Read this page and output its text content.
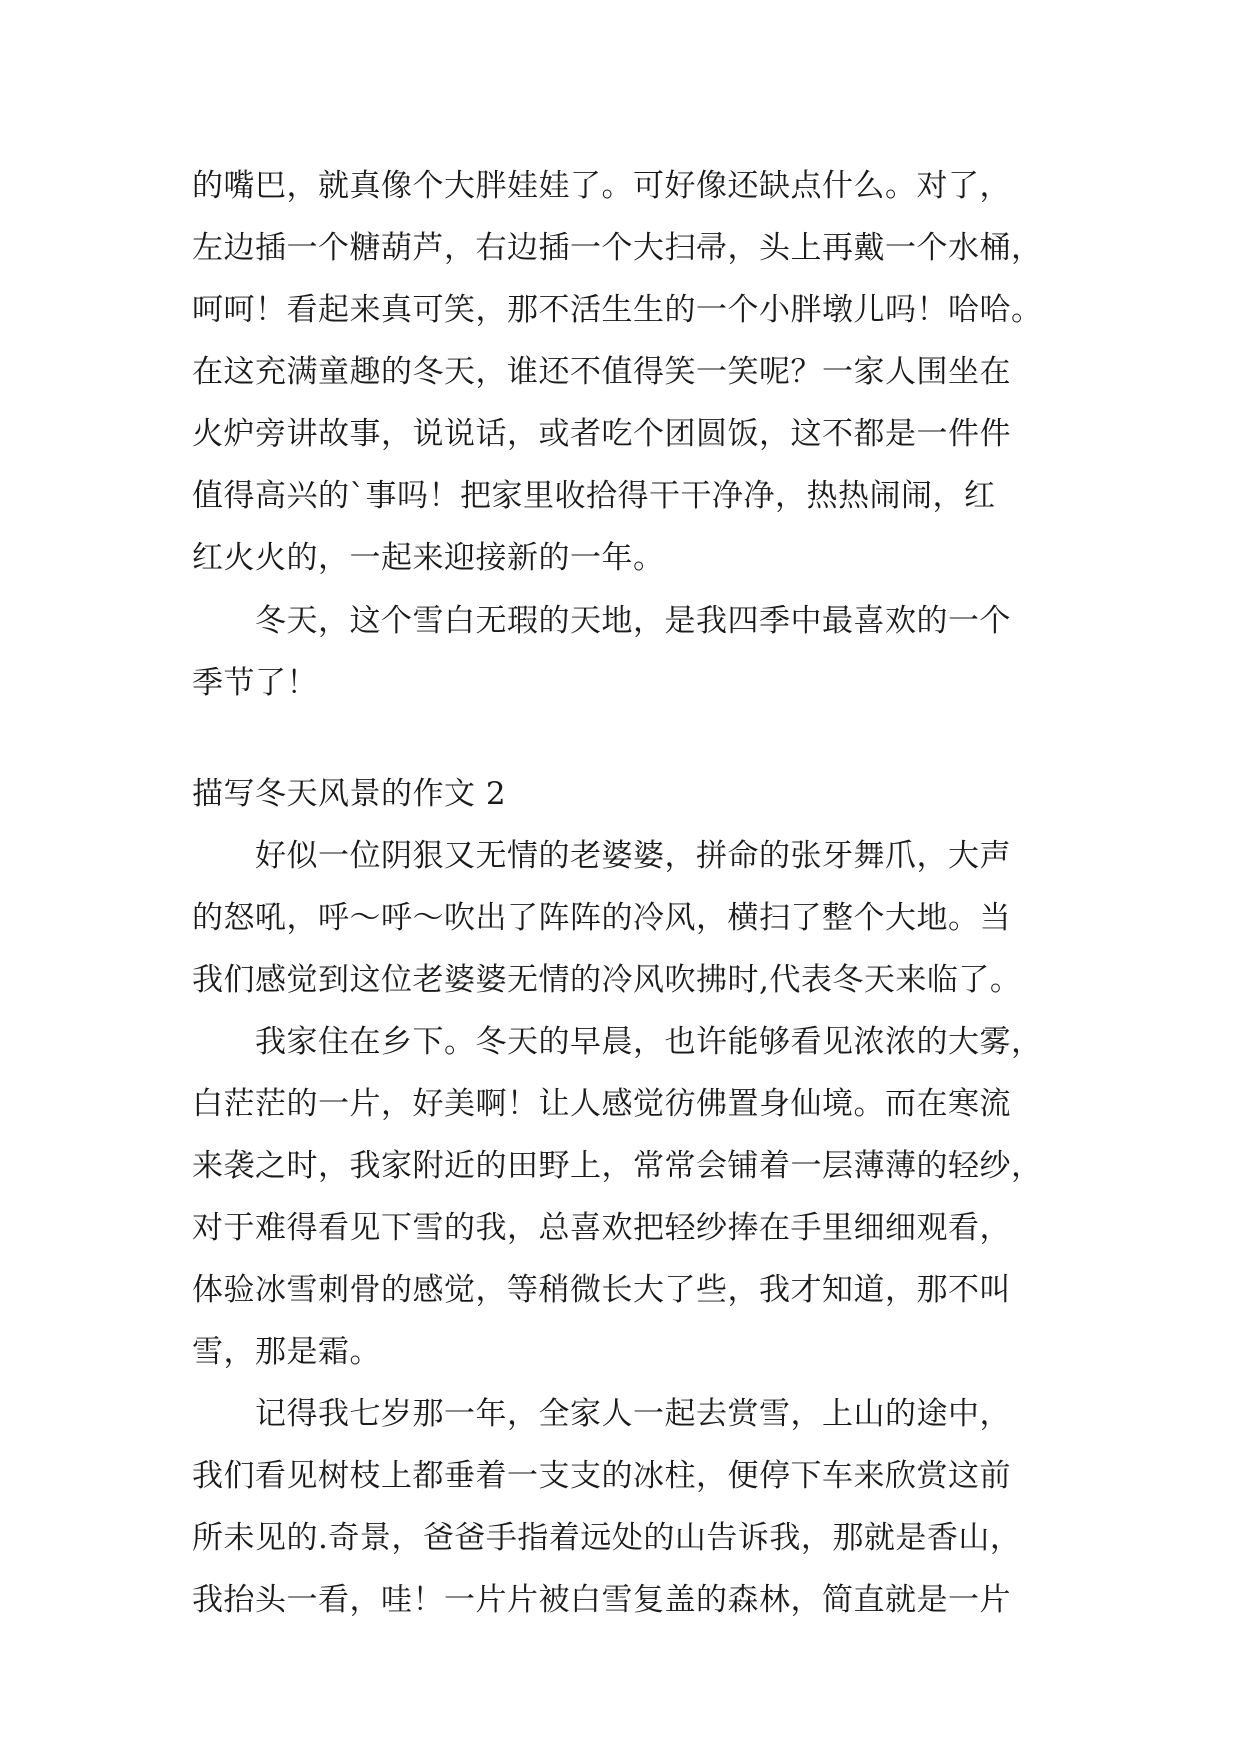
的嘴巴，就真像个大胖娃娃了。可好像还缺点什么。对了，
左边插一个糖葫芦，右边插一个大扫帚，头上再戴一个水桶，
呵呵！看起来真可笑，那不活生生的一个小胖墩儿吗！哈哈。
在这充满童趣的冬天，谁还不值得笑一笑呢？一家人围坐在
火炉旁讲故事，说说话，或者吃个团圆饭，这不都是一件件
值得高兴的`事吗！把家里收拾得干干净净，热热闹闹，红
红火火的，一起来迎接新的一年。
冬天，这个雪白无瑕的天地，是我四季中最喜欢的一个
季节了！
描写冬天风景的作文 2
好似一位阴狠又无情的老婆婆，拼命的张牙舞爪，大声
的怒吼，呼～呼～吹出了阵阵的冷风，横扫了整个大地。当
我们感觉到这位老婆婆无情的冷风吹拂时,代表冬天来临了。
我家住在乡下。冬天的早晨，也许能够看见浓浓的大雾，
白茫茫的一片，好美啊！让人感觉彷佛置身仙境。而在寒流
来袭之时，我家附近的田野上，常常会铺着一层薄薄的轻纱，
对于难得看见下雪的我，总喜欢把轻纱捧在手里细细观看，
体验冰雪刺骨的感觉，等稍微长大了些，我才知道，那不叫
雪，那是霜。
记得我七岁那一年，全家人一起去赏雪，上山的途中，
我们看见树枝上都垂着一支支的冰柱，便停下车来欣赏这前
所未见的.奇景，爸爸手指着远处的山告诉我，那就是香山，
我抬头一看，哇！一片片被白雪复盖的森林，简直就是一片
